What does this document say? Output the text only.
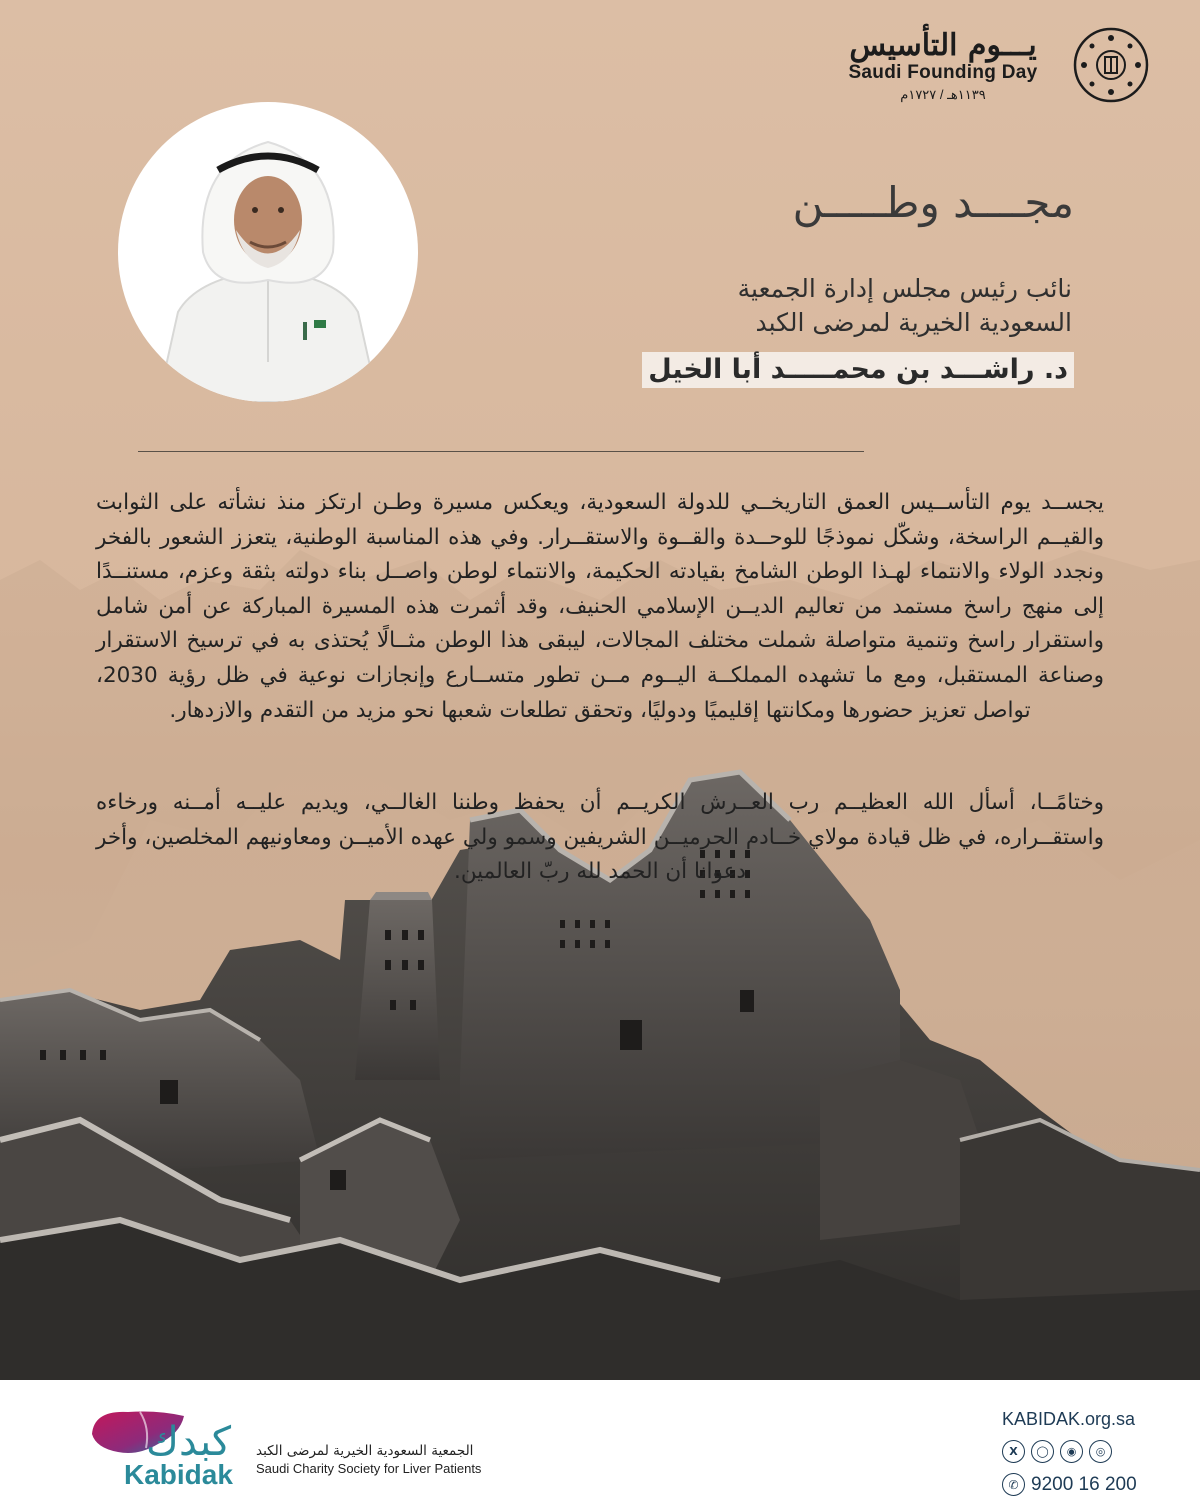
يـــوم التأسيس
Saudi Founding Day
١١٣٩هـ / ١٧٢٧م
مجــــد وطـــــن
نائب رئيس مجلس إدارة الجمعية
السعودية الخيرية لمرضى الكبد
د. راشـــد بن محمـــــد أبا الخيل
يجســد يوم التأســيس العمق التاريخــي للدولة السعودية، ويعكس مسيرة وطـن ارتكز منذ نشأته على الثوابت والقيــم الراسخة، وشكّل نموذجًا للوحــدة والقــوة والاستقــرار. وفي هذه المناسبة الوطنية، يتعزز الشعور بالفخر ونجدد الولاء والانتماء لهـذا الوطن الشامخ بقيادته الحكيمة، والانتماء لوطن واصــل بناء دولته بثقة وعزم، مستنــدًا إلى منهج راسخ مستمد من تعاليم الديــن الإسلامي الحنيف، وقد أثمرت هذه المسيرة المباركة عن أمن شامل واستقرار راسخ وتنمية متواصلة شملت مختلف المجالات، ليبقى هذا الوطن مثــالًا يُحتذى به في ترسيخ الاستقرار وصناعة المستقبل، ومع ما تشهده المملكــة اليــوم مــن تطور متســارع وإنجازات نوعية في ظل رؤية 2030، تواصل تعزيز حضورها ومكانتها إقليميًا ودوليًا، وتحقق تطلعات شعبها نحو مزيد من التقدم والازدهار.
وختامًــا، أسأل الله العظيــم رب العــرش الكريــم أن يحفظ وطننا الغالــي، ويديم عليــه أمــنه ورخاءه واستقــراره، في ظل قيادة مولاي خــادم الحرميــن الشريفين وسمو ولي عهده الأميــن ومعاونيهم المخلصين، وأخر دعوانا أن الحمد لله ربّ العالمين.
كبدك
Kabidak
الجمعية السعودية الخيرية لمرضى الكبد
Saudi Charity Society for Liver Patients
KABIDAK.org.sa
X	◯	◉	◎
✆ 9200 16 200
